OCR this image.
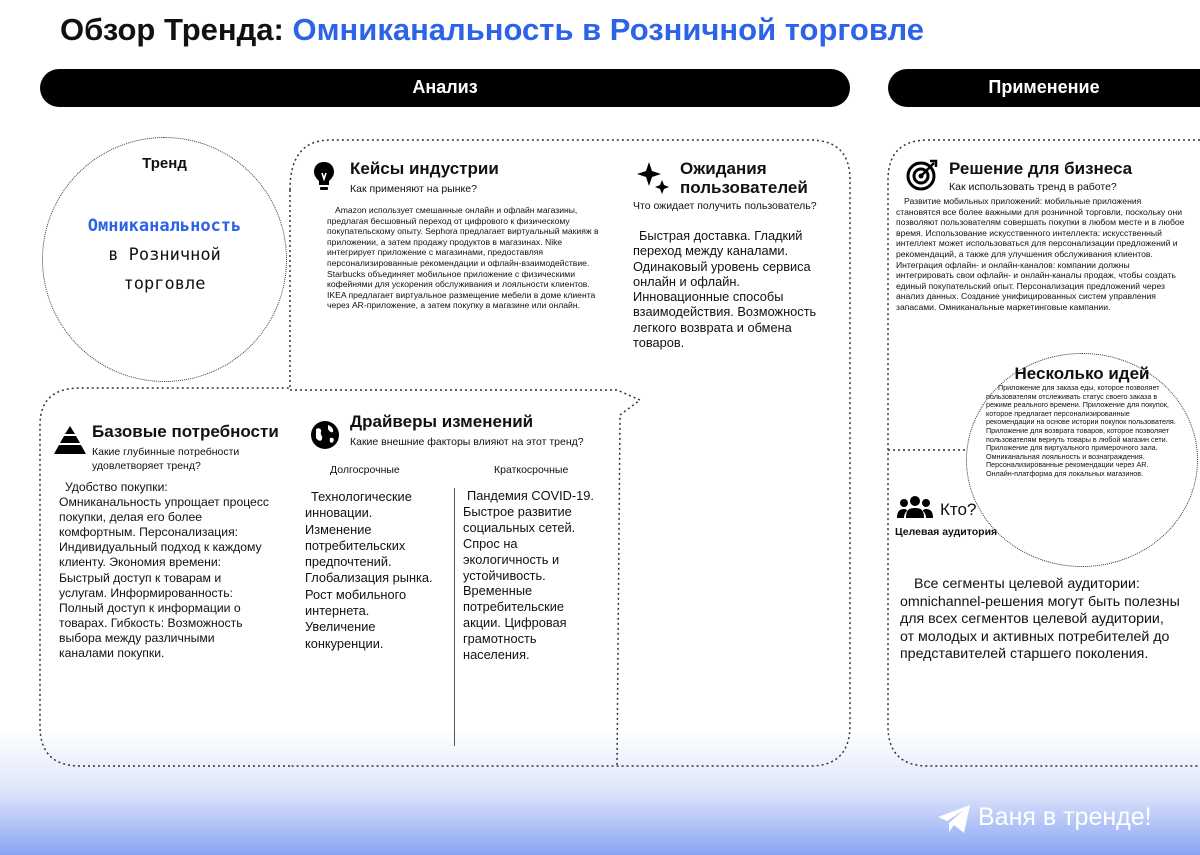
Обзор Тренда: Омниканальность в Розничной торговле
Анализ	Применение
Тренд
Омниканальность
в Розничной
торговле
Кейсы индустрии
Как применяют на рынке?
Amazon использует смешанные онлайн и офлайн магазины, предлагая бесшовный переход от цифрового к физическому покупательскому опыту. Sephora предлагает виртуальный макияж в приложении, а затем продажу продуктов в магазинах. Nike интегрирует приложение с магазинами, предоставляя персонализированные рекомендации и офлайн-взаимодействие. Starbucks объединяет мобильное приложение с физическими кофейнями для ускорения обслуживания и лояльности клиентов. IKEA предлагает виртуальное размещение мебели в доме клиента через AR-приложение, а затем покупку в магазине или онлайн.
Ожидания
пользователей
Что ожидает получить пользователь?
Быстрая доставка. Гладкий переход между каналами. Одинаковый уровень сервиса онлайн и офлайн. Инновационные способы взаимодействия. Возможность легкого возврата и обмена товаров.
Базовые потребности
Какие глубинные потребности
удовлетворяет тренд?
Удобство покупки: Омниканальность упрощает процесс покупки, делая его более комфортным. Персонализация: Индивидуальный подход к каждому клиенту. Экономия времени: Быстрый доступ к товарам и услугам. Информированность: Полный доступ к информации о товарах. Гибкость: Возможность выбора между различными каналами покупки.
Драйверы изменений
Какие внешние факторы влияют на этот тренд?
Долгосрочные	Краткосрочные
Технологические инновации. Изменение потребительских предпочтений. Глобализация рынка. Рост мобильного интернета. Увеличение конкуренции.
Пандемия COVID-19. Быстрое развитие социальных сетей. Спрос на экологичность и устойчивость. Временные потребительские акции. Цифровая грамотность населения.
Решение для бизнеса
Как использовать тренд в работе?
Развитие мобильных приложений: мобильные приложения становятся все более важными для розничной торговли, поскольку они позволяют пользователям совершать покупки в любом месте и в любое время. Использование искусственного интеллекта: искусственный интеллект может использоваться для персонализации предложений и рекомендаций, а также для улучшения обслуживания клиентов. Интеграция офлайн- и онлайн-каналов: компании должны интегрировать свои офлайн- и онлайн-каналы продаж, чтобы создать единый покупательский опыт. Персонализация предложений через анализ данных. Создание унифицированных систем управления запасами. Омниканальные маркетинговые кампании.
Несколько идей
Приложение для заказа еды, которое позволяет пользователям отслеживать статус своего заказа в режиме реального времени. Приложение для покупок, которое предлагает персонализированные рекомендации на основе истории покупок пользователя. Приложение для возврата товаров, которое позволяет пользователям вернуть товары в любой магазин сети. Приложение для виртуального примерочного зала. Омниканальная лояльность и вознаграждения. Персонализированные рекомендации через AR. Онлайн-платформа для локальных магазинов.
Кто?
Целевая аудитория
Все сегменты целевой аудитории: omnichannel-решения могут быть полезны для всех сегментов целевой аудитории, от молодых и активных потребителей до представителей старшего поколения.
Ваня в тренде!
